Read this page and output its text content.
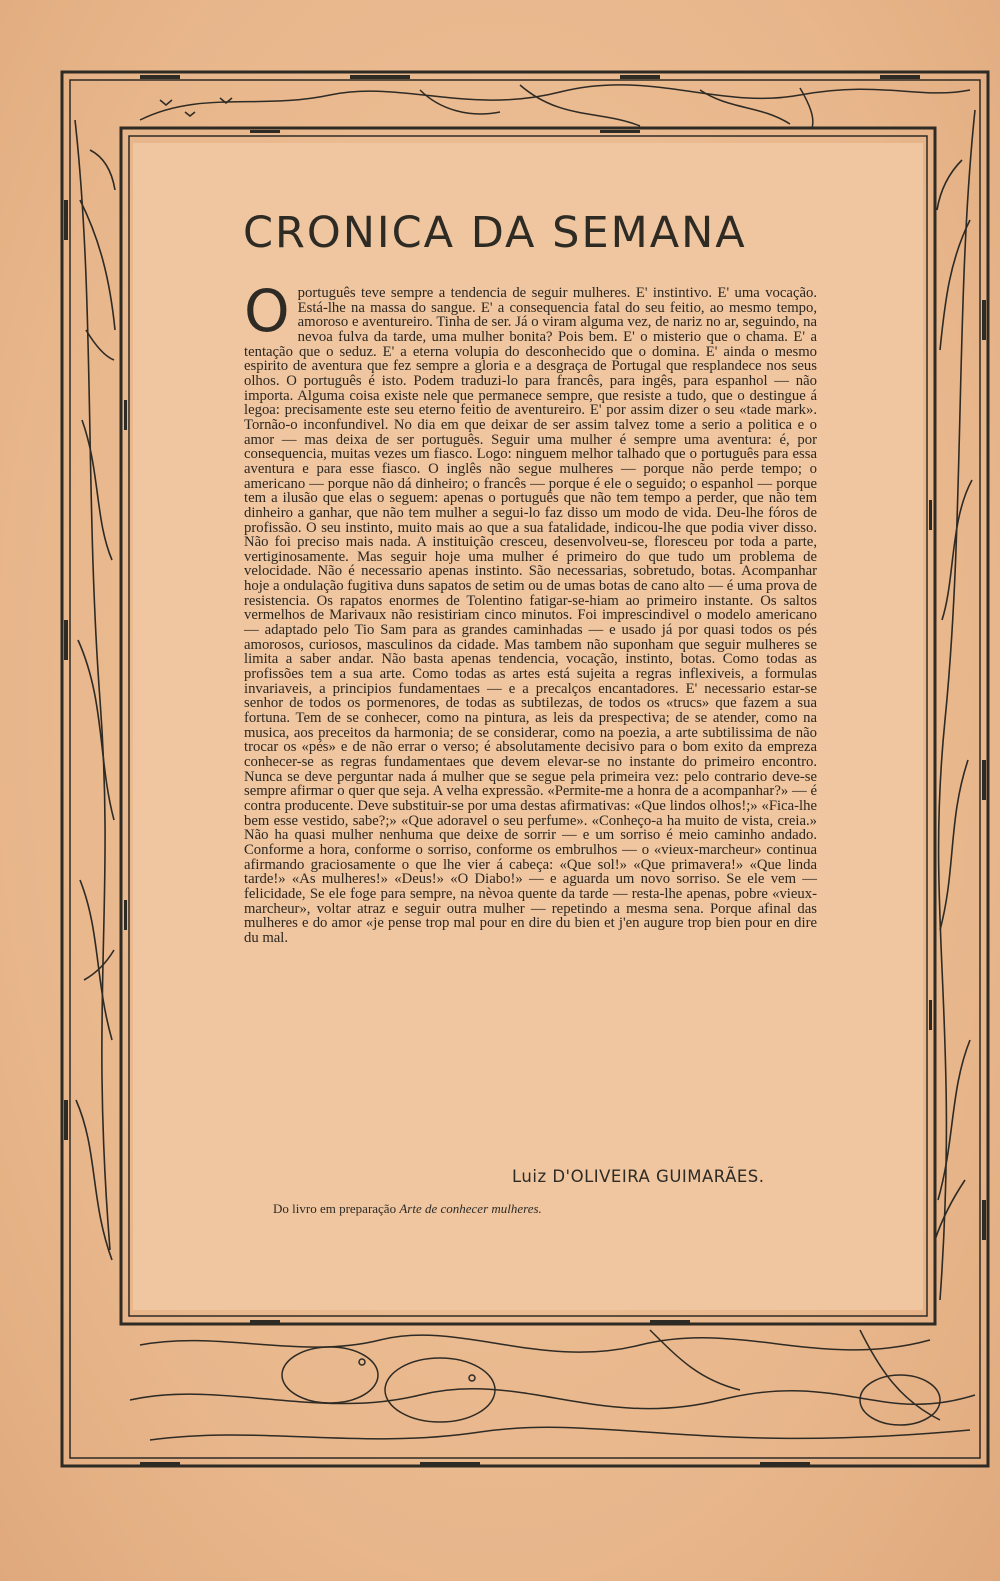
CRONICA DA SEMANA
O português teve sempre a tendencia de seguir mulheres. E' instintivo. E' uma vocação. Está-lhe na massa do sangue. E' a consequencia fatal do seu feitio, ao mesmo tempo, amoroso e aventureiro. Tinha de ser. Já o viram alguma vez, de nariz no ar, seguindo, na nevoa fulva da tarde, uma mulher bonita? Pois bem. E' o misterio que o chama. E' a tentação que o seduz. E' a eterna volupia do desconhecido que o domina. E' ainda o mesmo espirito de aventura que fez sempre a gloria e a desgraça de Portugal que resplandece nos seus olhos. O português é isto. Podem traduzi-lo para francês, para ingês, para espanhol — não importa. Alguma coisa existe nele que permanece sempre, que resiste a tudo, que o destingue á legoa: precisamente este seu eterno feitio de aventureiro. E' por assim dizer o seu «tade mark». Tornão-o inconfundivel. No dia em que deixar de ser assim talvez tome a serio a politica e o amor — mas deixa de ser português. Seguir uma mulher é sempre uma aventura: é, por consequencia, muitas vezes um fiasco. Logo: ninguem melhor talhado que o português para essa aventura e para esse fiasco. O inglês não segue mulheres — porque não perde tempo; o americano — porque não dá dinheiro; o francês — porque é ele o seguido; o espanhol — porque tem a ilusão que elas o seguem: apenas o português que não tem tempo a perder, que não tem dinheiro a ganhar, que não tem mulher a segui-lo faz disso um modo de vida. Deu-lhe fóros de profissão. O seu instinto, muito mais ao que a sua fatalidade, indicou-lhe que podia viver disso. Não foi preciso mais nada. A instituição cresceu, desenvolveu-se, floresceu por toda a parte, vertiginosamente. Mas seguir hoje uma mulher é primeiro do que tudo um problema de velocidade. Não é necessario apenas instinto. São necessarias, sobretudo, botas. Acompanhar hoje a ondulação fugitiva duns sapatos de setim ou de umas botas de cano alto — é uma prova de resistencia. Os rapatos enormes de Tolentino fatigar-se-hiam ao primeiro instante. Os saltos vermelhos de Marivaux não resistiriam cinco minutos. Foi imprescindivel o modelo americano — adaptado pelo Tio Sam para as grandes caminhadas — e usado já por quasi todos os pés amorosos, curiosos, masculinos da cidade. Mas tambem não suponham que seguir mulheres se limita a saber andar. Não basta apenas tendencia, vocação, instinto, botas. Como todas as profissões tem a sua arte. Como todas as artes está sujeita a regras inflexiveis, a formulas invariaveis, a principios fundamentaes — e a precalços encantadores. E' necessario estar-se senhor de todos os pormenores, de todas as subtilezas, de todos os «trucs» que fazem a sua fortuna. Tem de se conhecer, como na pintura, as leis da prespectiva; de se atender, como na musica, aos preceitos da harmonia; de se considerar, como na poezia, a arte subtilissima de não trocar os «pés» e de não errar o verso; é absolutamente decisivo para o bom exito da empreza conhecer-se as regras fundamentaes que devem elevar-se no instante do primeiro encontro. Nunca se deve perguntar nada á mulher que se segue pela primeira vez: pelo contrario deve-se sempre afirmar o quer que seja. A velha expressão. «Permite-me a honra de a acompanhar?» — é contra producente. Deve substituir-se por uma destas afirmativas: «Que lindos olhos!;» «Fica-lhe bem esse vestido, sabe?;» «Que adoravel o seu perfume». «Conheço-a ha muito de vista, creia.» Não ha quasi mulher nenhuma que deixe de sorrir — e um sorriso é meio caminho andado. Conforme a hora, conforme o sorriso, conforme os embrulhos — o «vieux-marcheur» continua afirmando graciosamente o que lhe vier á cabeça: «Que sol!» «Que primavera!» «Que linda tarde!» «As mulheres!» «Deus!» «O Diabo!» — e aguarda um novo sorriso. Se ele vem — felicidade, Se ele foge para sempre, na nèvoa quente da tarde — resta-lhe apenas, pobre «vieux-marcheur», voltar atraz e seguir outra mulher — repetindo a mesma sena. Porque afinal das mulheres e do amor «je pense trop mal pour en dire du bien et j'en augure trop bien pour en dire du mal.
Luiz D'OLIVEIRA GUIMARÃES.
Do livro em preparação Arte de conhecer mulheres.
